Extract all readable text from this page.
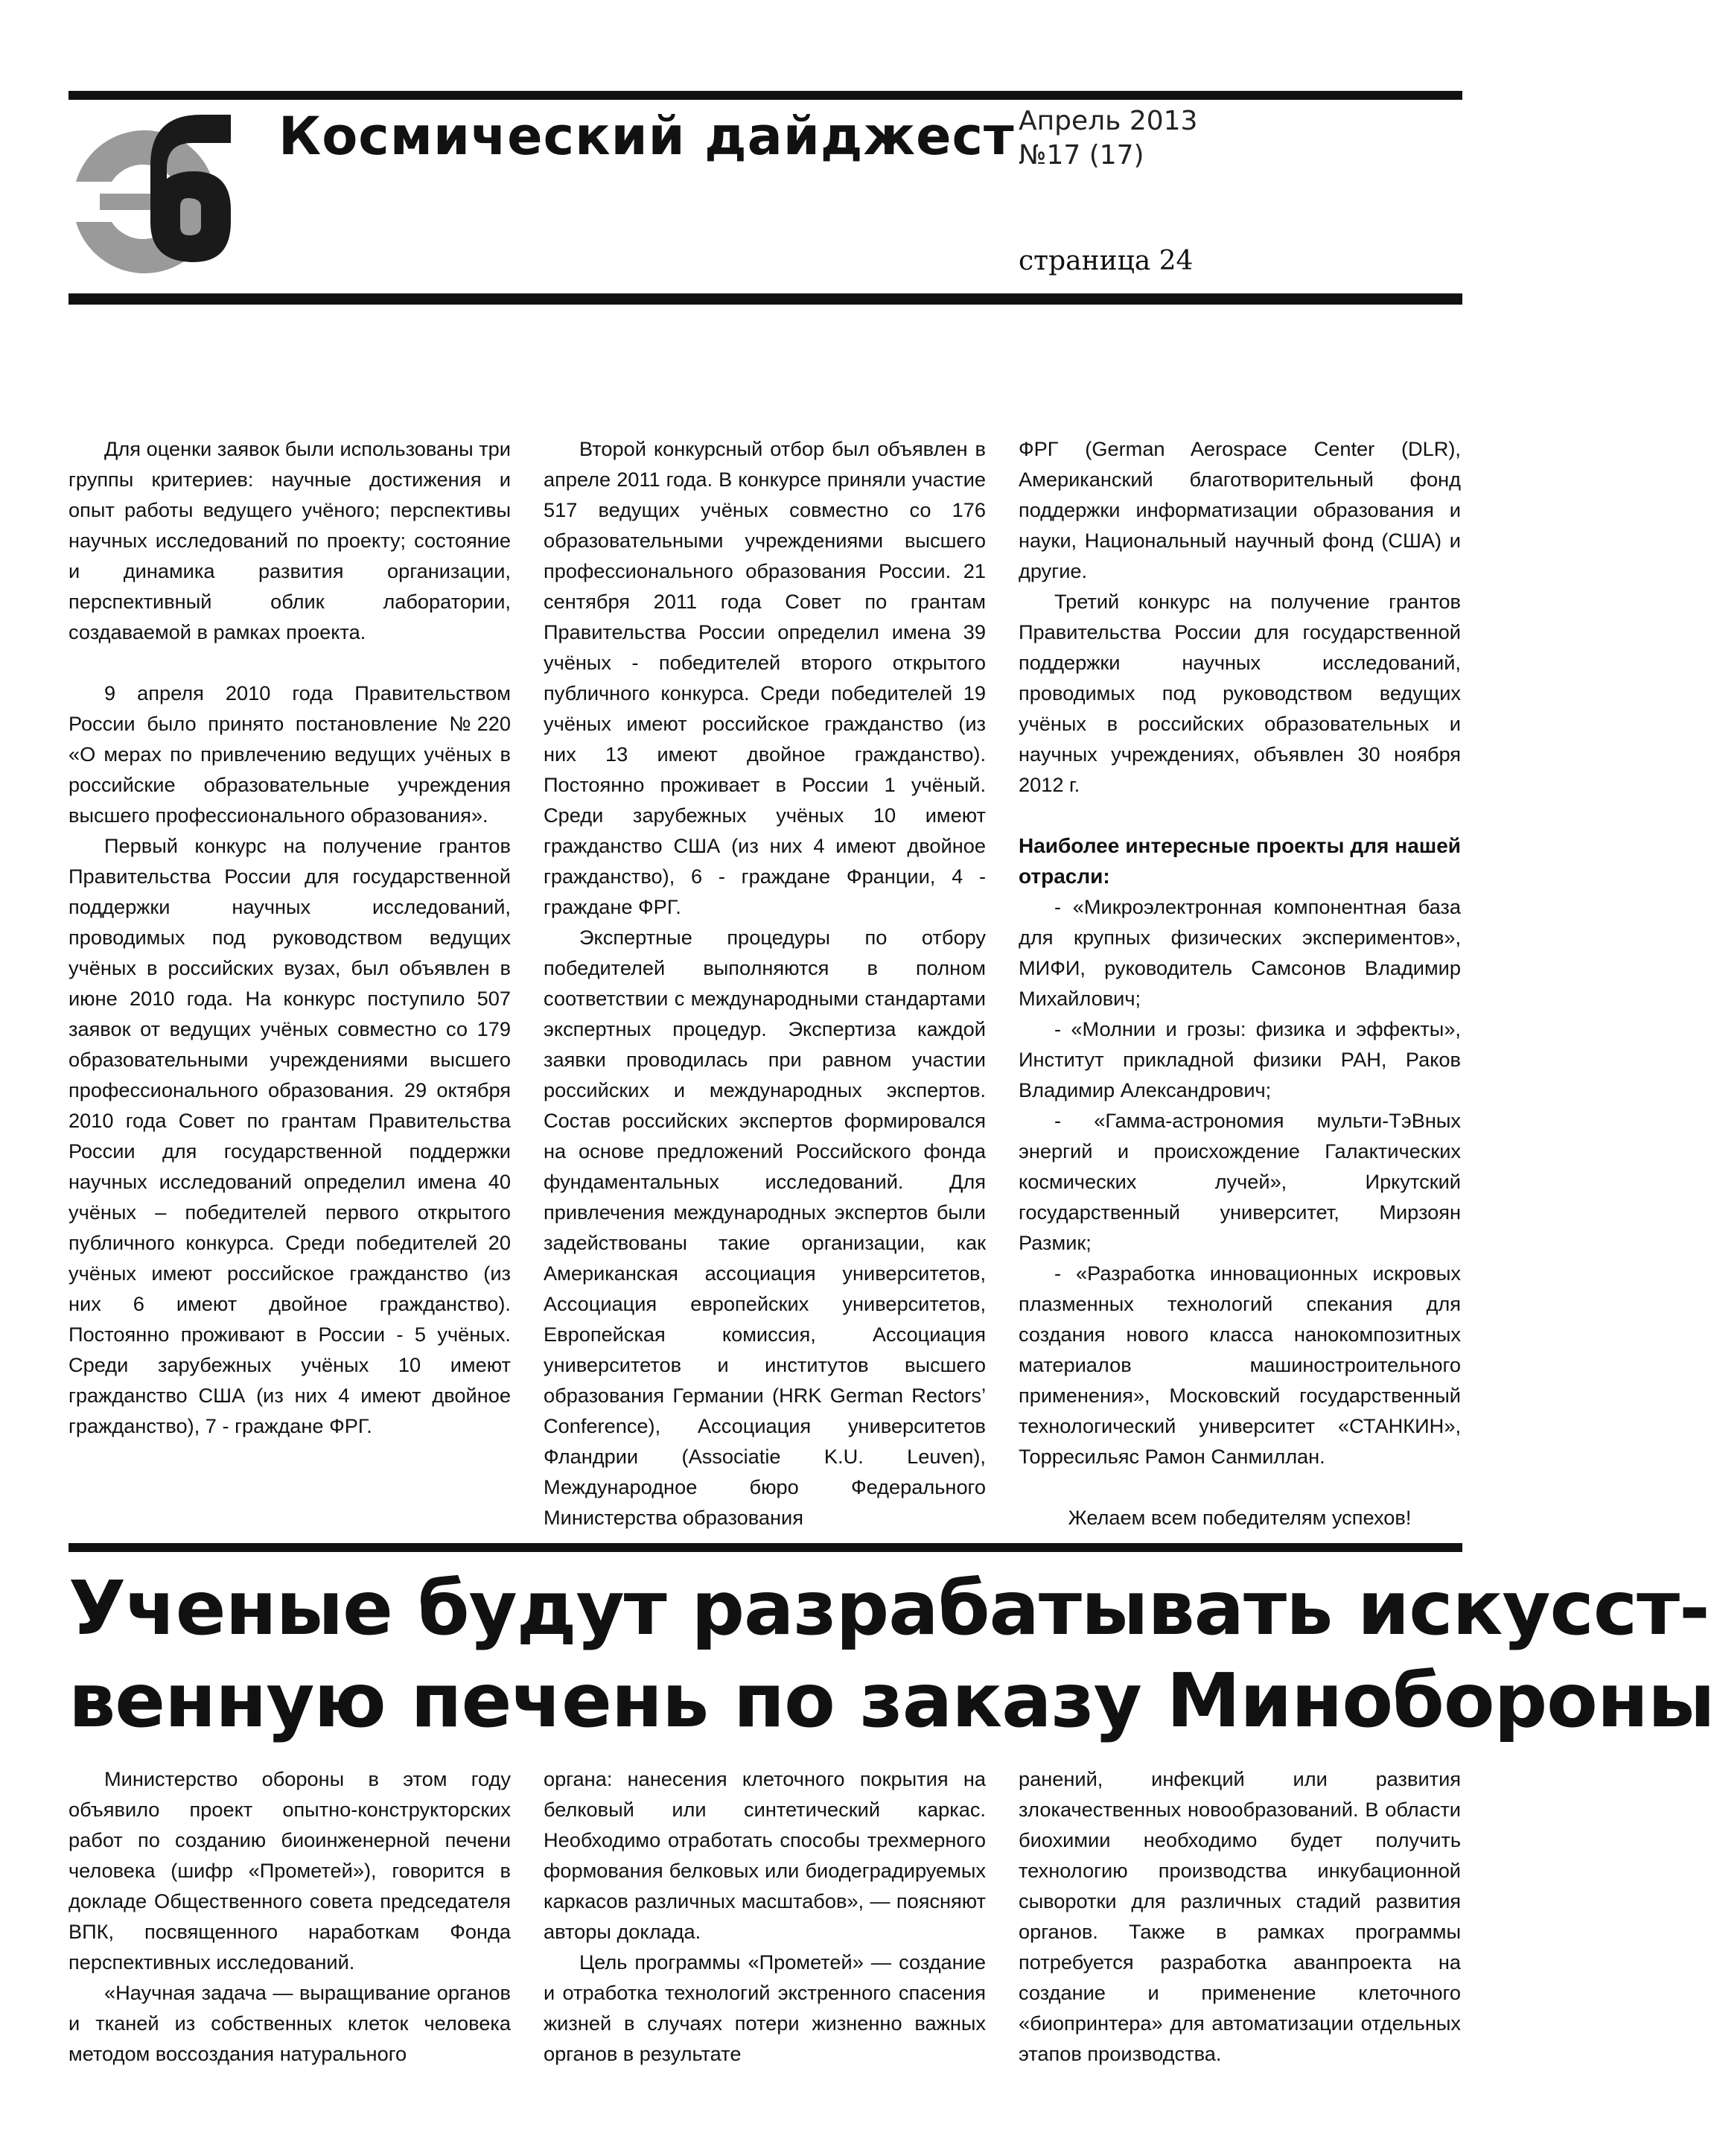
Космический дайджест Апрель 2013
№17 (17)
страница 24

Для оценки заявок были использованы три группы критериев: научные достижения и опыт работы ведущего учёного; перспективы научных исследований по проекту; состояние и динамика развития организации, перспективный облик лаборатории, создаваемой в рамках проекта.

9 апреля 2010 года Правительством России было принято постановление №220 «О мерах по привлечению ведущих учёных в российские образовательные учреждения высшего профессионального образования».

Первый конкурс на получение грантов Правительства России для государственной поддержки научных исследований, проводимых под руководством ведущих учёных в российских вузах, был объявлен в июне 2010 года. На конкурс поступило 507 заявок от ведущих учёных совместно со 179 образовательными учреждениями высшего профессионального образования. 29 октября 2010 года Совет по грантам Правительства России для государственной поддержки научных исследований определил имена 40 учёных – победителей первого открытого публичного конкурса. Среди победителей 20 учёных имеют российское гражданство (из них 6 имеют двойное гражданство). Постоянно проживают в России - 5 учёных. Среди зарубежных учёных 10 имеют гражданство США (из них 4 имеют двойное гражданство), 7 - граждане ФРГ.

Второй конкурсный отбор был объявлен в апреле 2011 года. В конкурсе приняли участие 517 ведущих учёных совместно со 176 образовательными учреждениями высшего профессионального образования России. 21 сентября 2011 года Совет по грантам Правительства России определил имена 39 учёных - победителей второго открытого публичного конкурса. Среди победителей 19 учёных имеют российское гражданство (из них 13 имеют двойное гражданство). Постоянно проживает в России 1 учёный. Среди зарубежных учёных 10 имеют гражданство США (из них 4 имеют двойное гражданство), 6 - граждане Франции, 4 - граждане ФРГ.

Экспертные процедуры по отбору победителей выполняются в полном соответствии с международными стандартами экспертных процедур. Экспертиза каждой заявки проводилась при равном участии российских и международных экспертов. Состав российских экспертов формировался на основе предложений Российского фонда фундаментальных исследований. Для привлечения международных экспертов были задействованы такие организации, как Американская ассоциация университетов, Ассоциация европейских университетов, Европейская комиссия, Ассоциация университетов и институтов высшего образования Германии (HRK German Rectors’ Conference), Ассоциация университетов Фландрии (Associatie K.U. Leuven), Международное бюро Федерального Министерства образования

ФРГ (German Aerospace Center (DLR), Американский благотворительный фонд поддержки информатизации образования и науки, Национальный научный фонд (США) и другие.

Третий конкурс на получение грантов Правительства России для государственной поддержки научных исследований, проводимых под руководством ведущих учёных в российских образовательных и научных учреждениях, объявлен 30 ноября 2012 г.

Наиболее интересные проекты для нашей отрасли:

- «Микроэлектронная компонентная база для крупных физических экспериментов», МИФИ, руководитель Самсонов Владимир Михайлович;
- «Молнии и грозы: физика и эффекты», Институт прикладной физики РАН, Раков Владимир Александрович;
- «Гамма-астрономия мульти-ТэВных энергий и происхождение Галактических космических лучей», Иркутский государственный университет, Мирзоян Размик;
- «Разработка инновационных искровых плазменных технологий спекания для создания нового класса нанокомпозитных материалов машиностроительного применения», Московский государственный технологический университет «СТАНКИН», Торресильяс Рамон Санмиллан.

Желаем всем победителям успехов!

Ученые будут разрабатывать искусст-
венную печень по заказу Минобороны

Министерство обороны в этом году объявило проект опытно-конструкторских работ по созданию биоинженерной печени человека (шифр «Прометей»), говорится в докладе Общественного совета председателя ВПК, посвященного наработкам Фонда перспективных исследований.

«Научная задача — выращивание органов и тканей из собственных клеток человека методом воссоздания натурального

органа: нанесения клеточного покрытия на белковый или синтетический каркас. Необходимо отработать способы трехмерного формования белковых или биодеградируемых каркасов различных масштабов», — поясняют авторы доклада.

Цель программы «Прометей» — создание и отработка технологий экстренного спасения жизней в случаях потери жизненно важных органов в результате

ранений, инфекций или развития злокачественных новообразований. В области биохимии необходимо будет получить технологию производства инкубационной сыворотки для различных стадий развития органов. Также в рамках программы потребуется разработка аванпроекта на создание и применение клеточного «биопринтера» для автоматизации отдельных этапов производства.
